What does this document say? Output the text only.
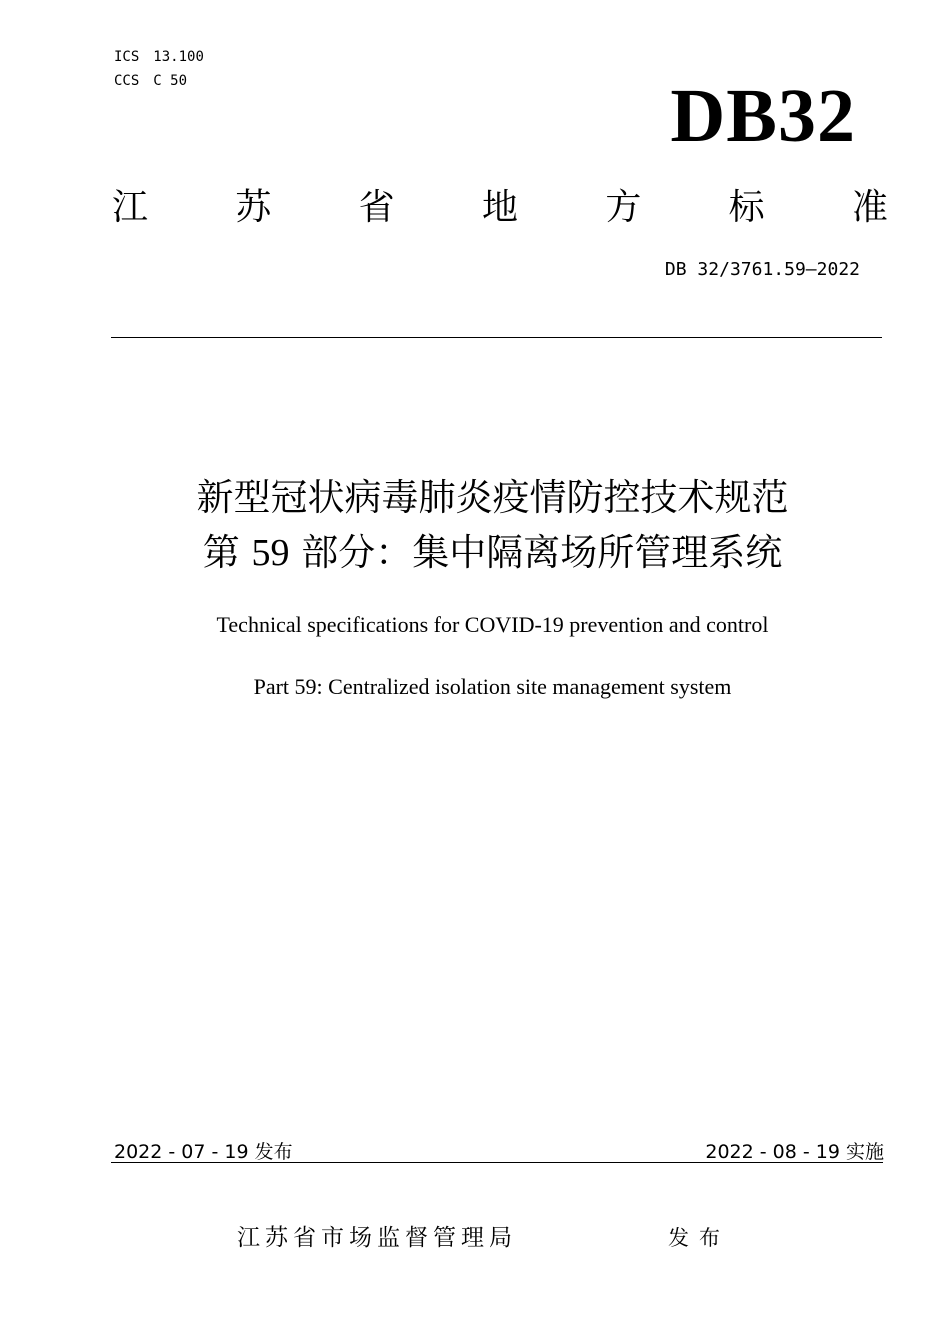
ICS 13.100
CCS C 50	DB32
江 苏 省 地 方 标 准
DB 32/3761.59—2022
新型冠状病毒肺炎疫情防控技术规范
第 59 部分：集中隔离场所管理系统
Technical specifications for COVID-19 prevention and control
Part 59: Centralized isolation site management system
2022 - 07 - 19 发布	2022 - 08 - 19 实施
江苏省市场监督管理局	发布
